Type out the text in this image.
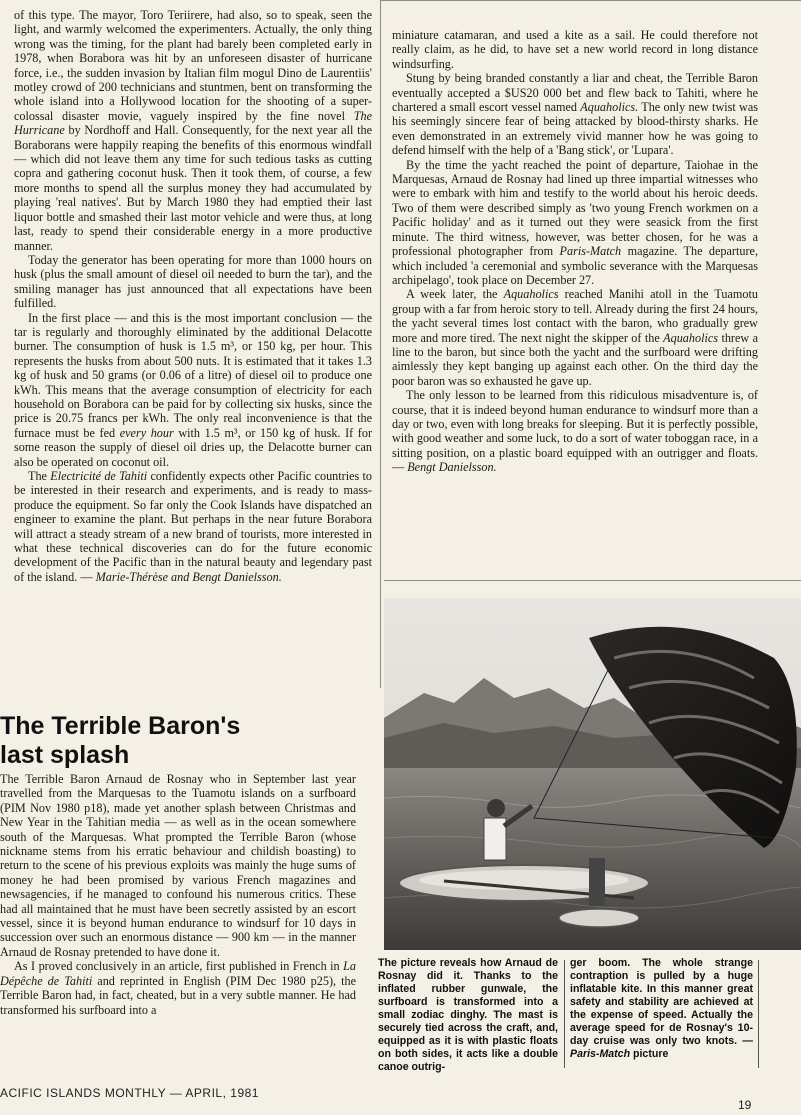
of this type. The mayor, Toro Teriirere, had also, so to speak, seen the light, and warmly welcomed the experimenters. Actually, the only thing wrong was the timing, for the plant had barely been completed early in 1978, when Borabora was hit by an unforeseen disaster of hurricane force, i.e., the sudden invasion by Italian film mogul Dino de Laurentiis' motley crowd of 200 technicians and stuntmen, bent on transforming the whole island into a Hollywood location for the shooting of a super-colossal disaster movie, vaguely inspired by the fine novel The Hurricane by Nordhoff and Hall. Consequently, for the next year all the Boraborans were happily reaping the benefits of this enormous windfall — which did not leave them any time for such tedious tasks as cutting copra and gathering coconut husk. Then it took them, of course, a few more months to spend all the surplus money they had accumulated by playing 'real natives'. But by March 1980 they had emptied their last liquor bottle and smashed their last motor vehicle and were thus, at long last, ready to spend their considerable energy in a more productive manner.

Today the generator has been operating for more than 1000 hours on husk (plus the small amount of diesel oil needed to burn the tar), and the smiling manager has just announced that all expectations have been fulfilled.

In the first place — and this is the most important conclusion — the tar is regularly and thoroughly eliminated by the additional Delacotte burner. The consumption of husk is 1.5 m³, or 150 kg, per hour. This represents the husks from about 500 nuts. It is estimated that it takes 1.3 kg of husk and 50 grams (or 0.06 of a litre) of diesel oil to produce one kWh. This means that the average consumption of electricity for each household on Borabora can be paid for by collecting six husks, since the price is 20.75 francs per kWh. The only real inconvenience is that the furnace must be fed every hour with 1.5 m³, or 150 kg of husk. If for some reason the supply of diesel oil dries up, the Delacotte burner can also be operated on coconut oil.

The Electricité de Tahiti confidently expects other Pacific countries to be interested in their research and experiments, and is ready to mass-produce the equipment. So far only the Cook Islands have dispatched an engineer to examine the plant. But perhaps in the near future Borabora will attract a steady stream of a new brand of tourists, more interested in what these technical discoveries can do for the future economic development of the Pacific than in the natural beauty and legendary past of the island. — Marie-Thérèse and Bengt Danielsson.

miniature catamaran, and used a kite as a sail. He could therefore not really claim, as he did, to have set a new world record in long distance windsurfing.

Stung by being branded constantly a liar and cheat, the Terrible Baron eventually accepted a $US20 000 bet and flew back to Tahiti, where he chartered a small escort vessel named Aquaholics. The only new twist was his seemingly sincere fear of being attacked by blood-thirsty sharks. He even demonstrated in an extremely vivid manner how he was going to defend himself with the help of a 'Bang stick', or 'Lupara'.

By the time the yacht reached the point of departure, Taiohae in the Marquesas, Arnaud de Rosnay had lined up three impartial witnesses who were to embark with him and testify to the world about his heroic deeds. Two of them were described simply as 'two young French workmen on a Pacific holiday' and as it turned out they were seasick from the first minute. The third witness, however, was better chosen, for he was a professional photographer from Paris-Match magazine. The departure, which included 'a ceremonial and symbolic severance with the Marquesas archipelago', took place on December 27.

A week later, the Aquaholics reached Manihi atoll in the Tuamotu group with a far from heroic story to tell. Already during the first 24 hours, the yacht several times lost contact with the baron, who gradually grew more and more tired. The next night the skipper of the Aquaholics threw a line to the baron, but since both the yacht and the surfboard were drifting aimlessly they kept banging up against each other. On the third day the poor baron was so exhausted he gave up.

The only lesson to be learned from this ridiculous misadventure is, of course, that it is indeed beyond human endurance to windsurf more than a day or two, even with long breaks for sleeping. But it is perfectly possible, with good weather and some luck, to do a sort of water toboggan race, in a sitting position, on a plastic board equipped with an outrigger and floats. — Bengt Danielsson.

The Terrible Baron's
last splash

The Terrible Baron Arnaud de Rosnay who in September last year travelled from the Marquesas to the Tuamotu islands on a surfboard (PIM Nov 1980 p18), made yet another splash between Christmas and New Year in the Tahitian media — as well as in the ocean somewhere south of the Marquesas. What prompted the Terrible Baron (whose nickname stems from his erratic behaviour and childish boasting) to return to the scene of his previous exploits was mainly the huge sums of money he had been promised by various French magazines and newsagencies, if he managed to confound his numerous critics. These had all maintained that he must have been secretly assisted by an escort vessel, since it is beyond human endurance to windsurf for 10 days in succession over such an enormous distance — 900 km — in the manner Arnaud de Rosnay pretended to have done it.

As I proved conclusively in an article, first published in French in La Dépêche de Tahiti and reprinted in English (PIM Dec 1980 p25), the Terrible Baron had, in fact, cheated, but in a very subtle manner. He had transformed his surfboard into a

The picture reveals how Arnaud de Rosnay did it. Thanks to the inflated rubber gunwale, the surfboard is transformed into a small zodiac dinghy. The mast is securely tied across the craft, and, equipped as it is with plastic floats on both sides, it acts like a double canoe outrig-
ger boom. The whole strange contraption is pulled by a huge inflatable kite. In this manner great safety and stability are achieved at the expense of speed. Actually the average speed for de Rosnay's 10-day cruise was only two knots. — Paris-Match picture
ACIFIC ISLANDS MONTHLY — APRIL, 1981
19
